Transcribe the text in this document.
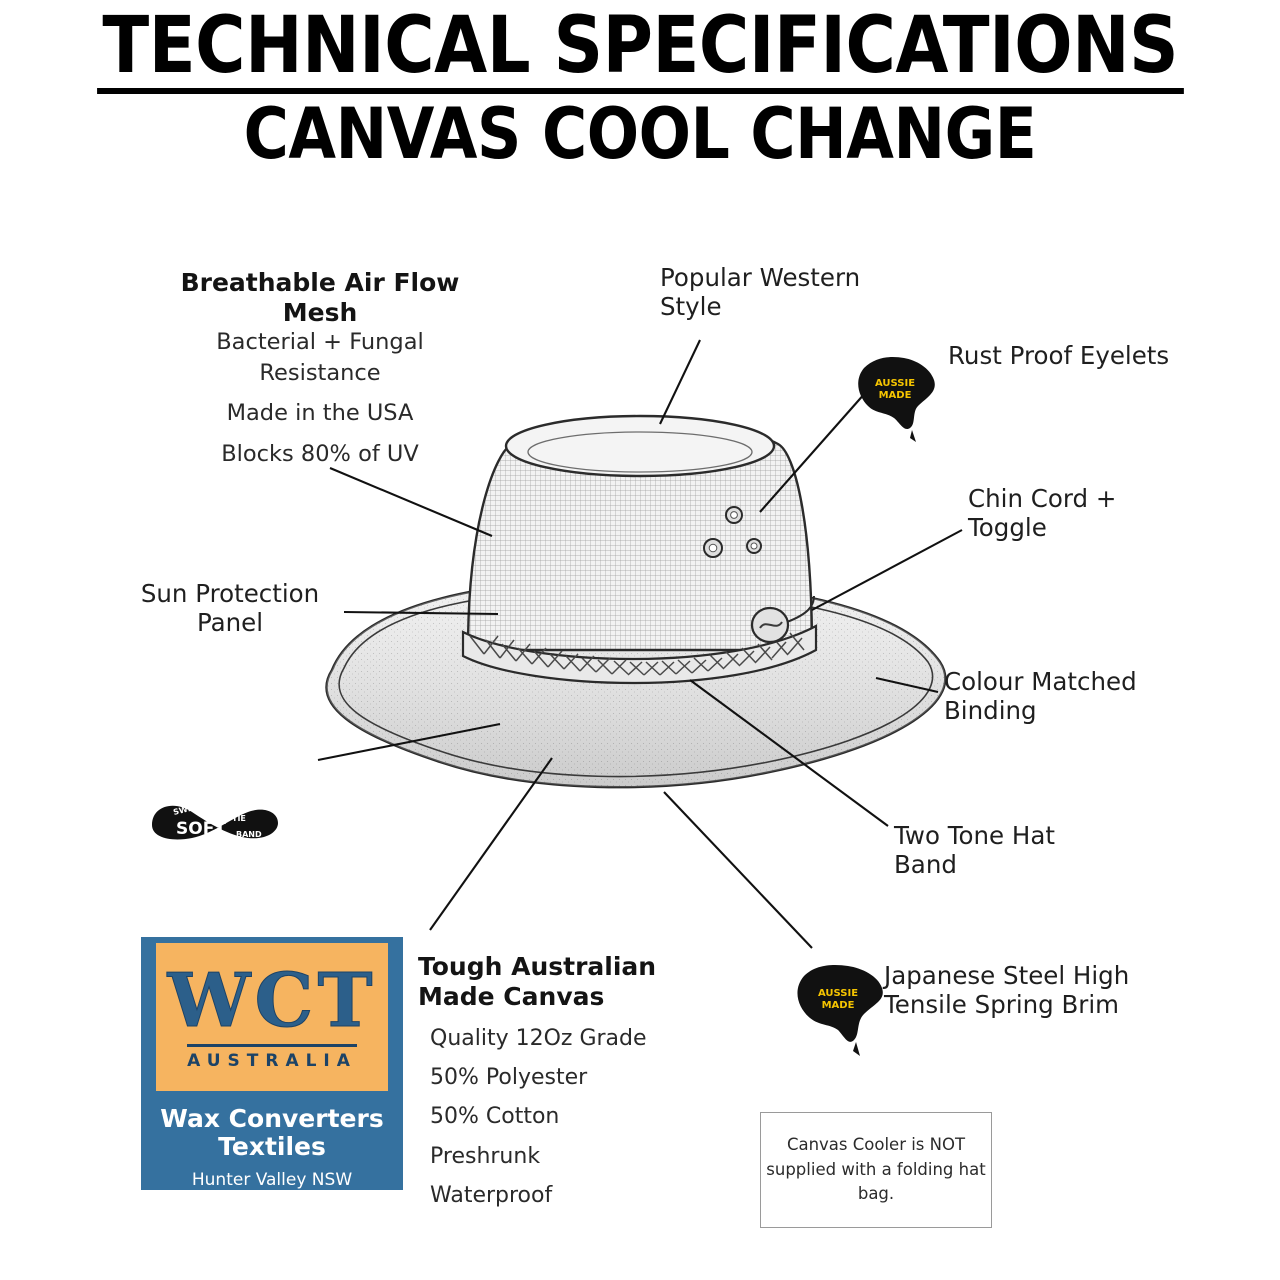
TECHNICAL SPECIFICATIONS
CANVAS COOL CHANGE
Breathable Air Flow Mesh
Bacterial + Fungal Resistance
Made in the USA
Blocks 80% of UV
Popular Western Style
Rust Proof Eyelets
Chin Cord + Toggle
Sun Protection Panel
Colour Matched Binding
Two Tone Hat Band
Japanese Steel High Tensile Spring Brim
Tough Australian Made Canvas
Quality 12Oz Grade
50% Polyester
50% Cotton
Preshrunk
Waterproof
WCT
AUSTRALIA
Wax Converters Textiles
Hunter Valley NSW
SWEAT
TIE
SOFT BAND
AUSSIE
MADE
AUSSIE
MADE
Canvas Cooler is NOT supplied with a folding hat bag.
